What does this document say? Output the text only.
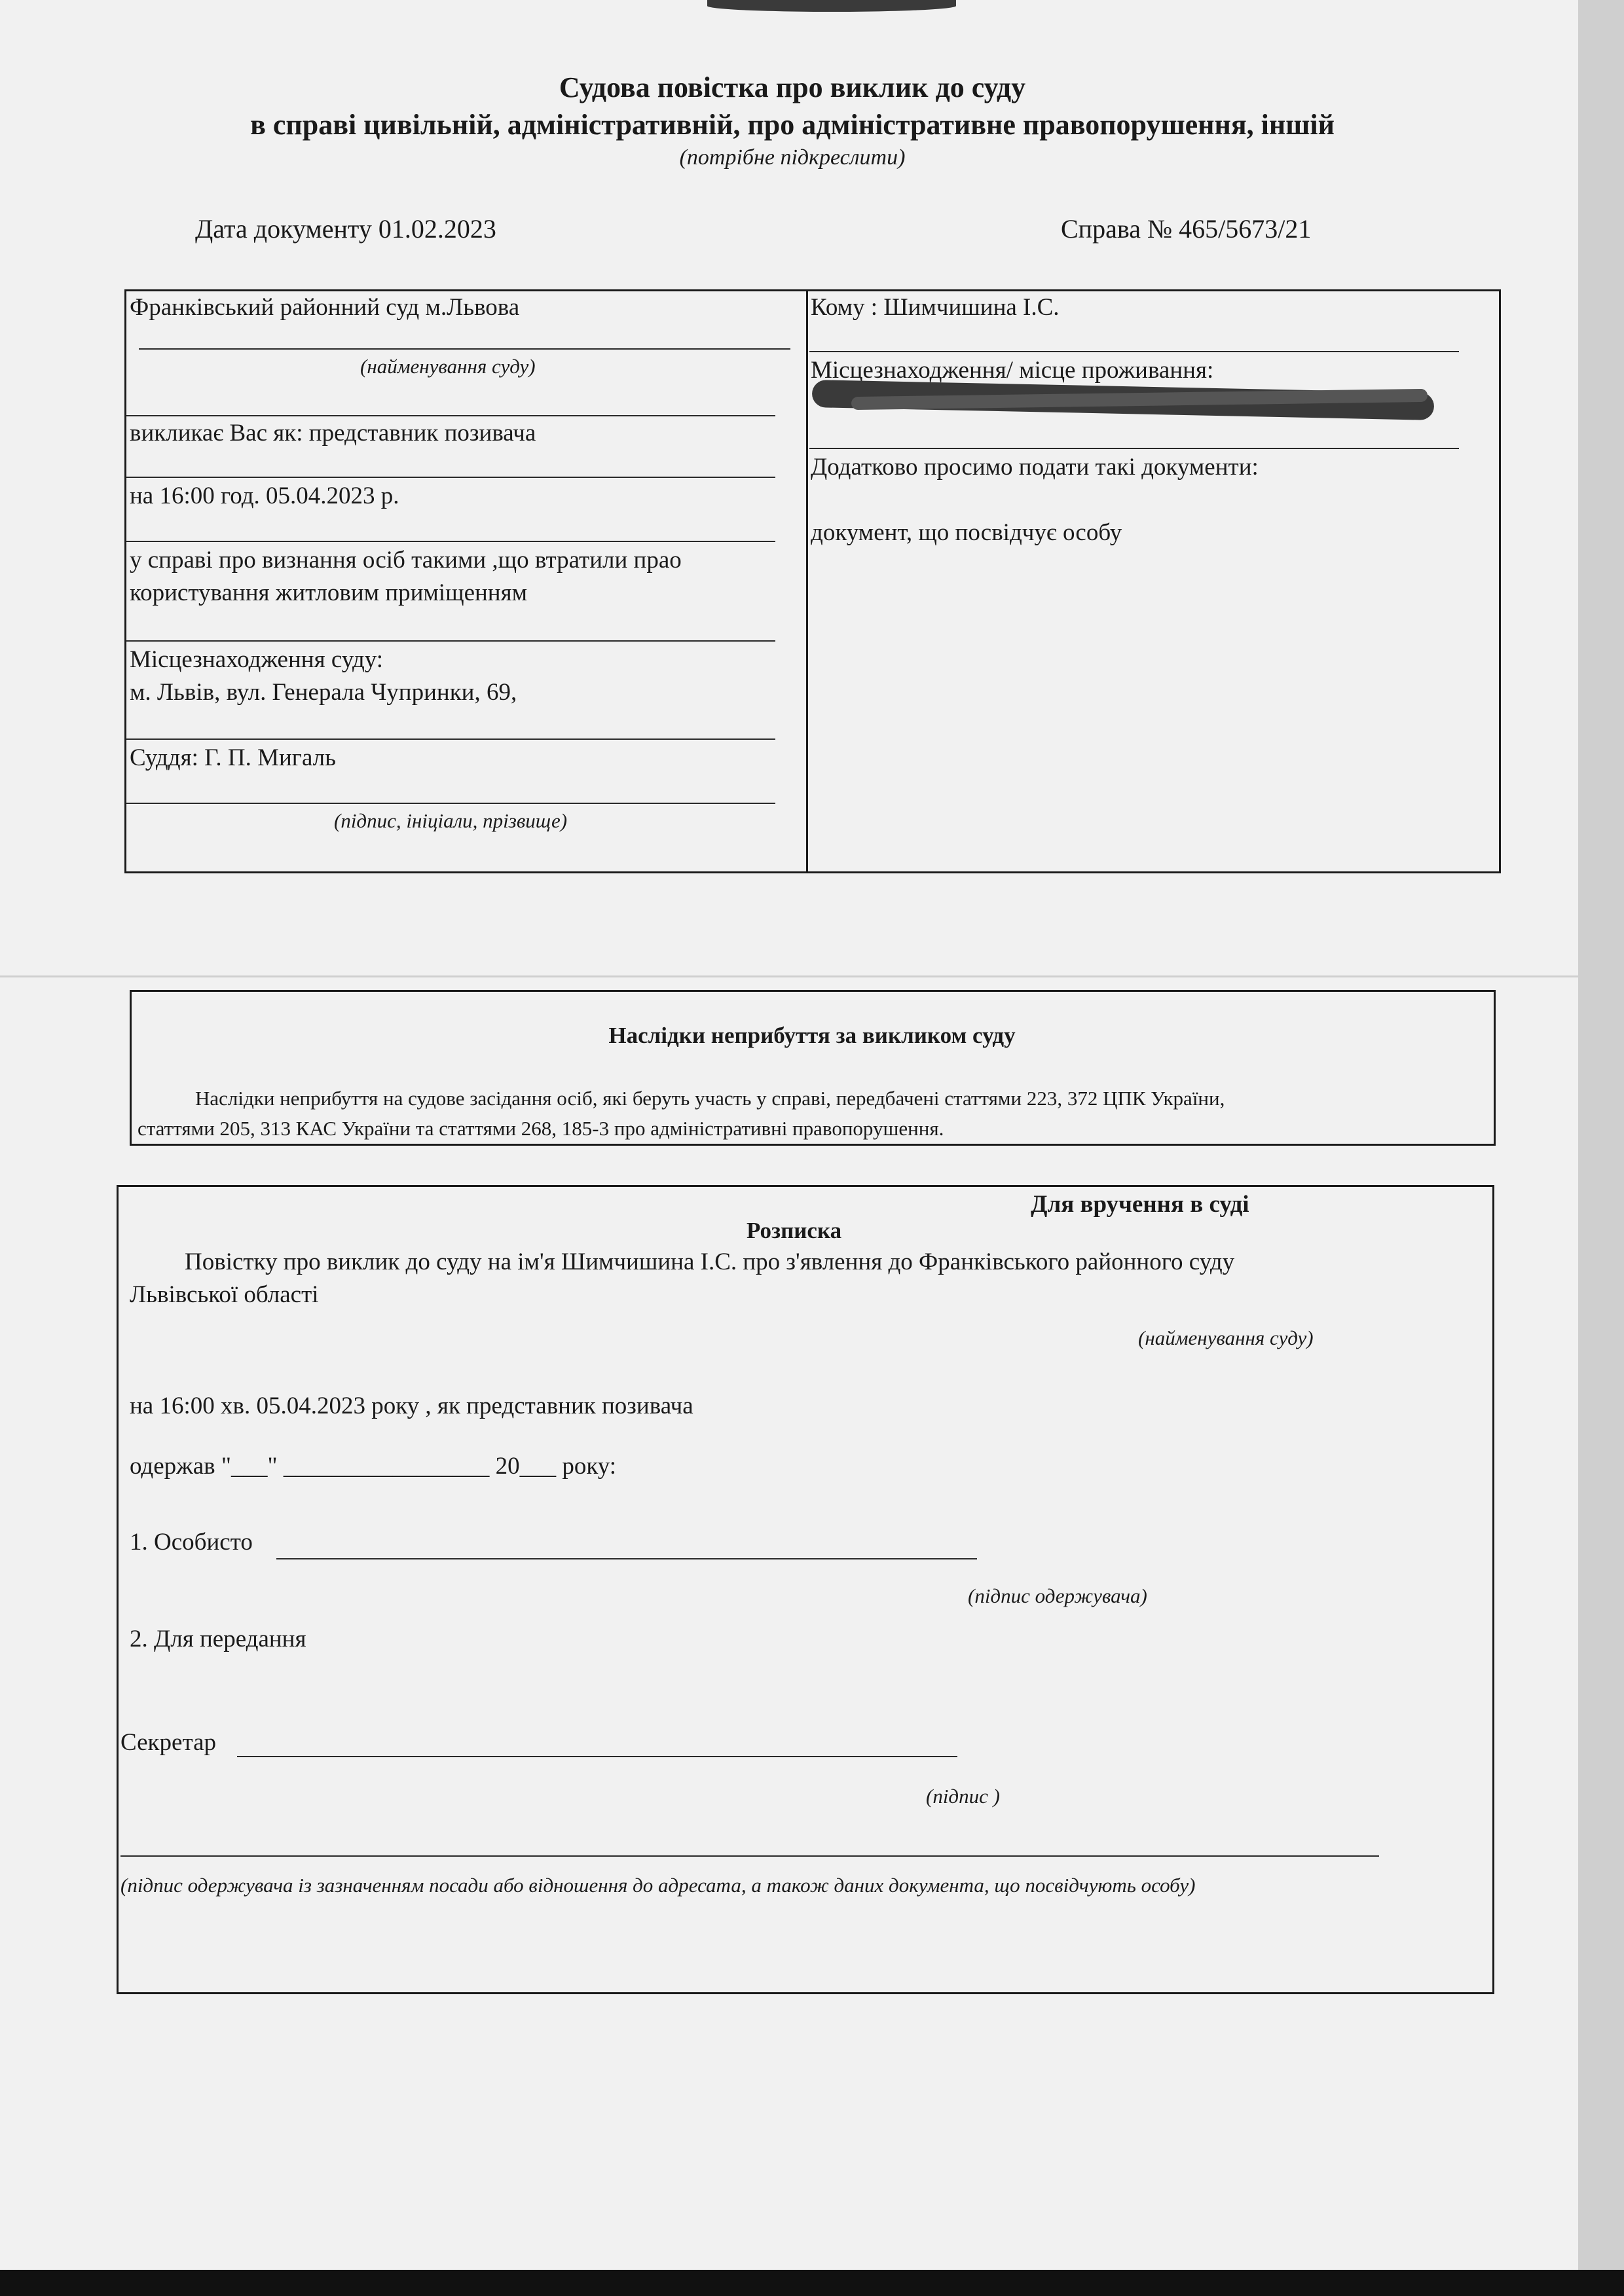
Судова повістка про виклик до суду
в справі цивільній, адміністративній, про адміністративне правопорушення, іншій
(потрібне підкреслити)
Дата документу 01.02.2023	Справа № 465/5673/21
Франківський районний суд м.Львова
(найменування суду)
викликає Вас як: представник позивача
на 16:00 год. 05.04.2023 р.
у справі про визнання осіб такими ,що втратили прао
користування житловим приміщенням
Місцезнаходження суду:
м. Львів, вул. Генерала Чупринки, 69,
Суддя: Г. П. Мигаль
(підпис, ініціали, прізвище)
Кому : Шимчишина І.С.
Місцезнаходження/ місце проживання:
Додатково просимо подати такі документи:
документ, що посвідчує особу
Наслідки неприбуття за викликом суду
Наслідки неприбуття на судове засідання осіб, які беруть участь у справі, передбачені статтями 223, 372 ЦПК України,
статтями 205, 313 КАС України та статтями 268, 185-3 про адміністративні правопорушення.
Для вручення в суді
Розписка
Повістку про виклик до суду на ім'я Шимчишина І.С. про з'явлення до Франківського районного суду
Львівської області
(найменування суду)
на 16:00 хв. 05.04.2023 року , як представник позивача
одержав "___" _________________ 20___ року:
1. Особисто
(підпис одержувача)
2. Для передання
Секретар
(підпис )
(підпис одержувача із зазначенням посади або відношення до адресата, а також даних документа, що посвідчують особу)
